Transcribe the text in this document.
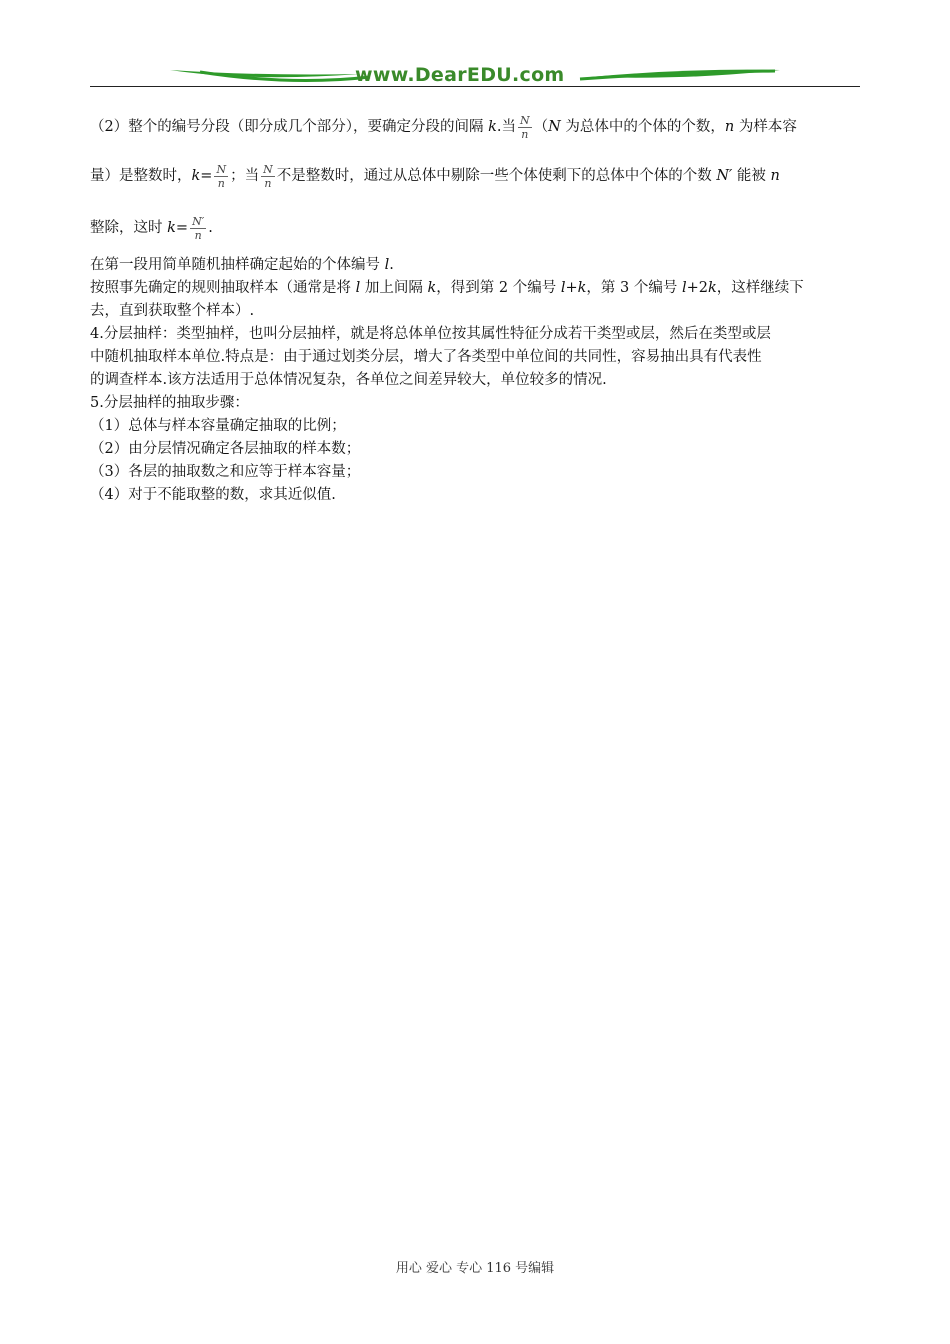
www.DearEDU.com
（2）整个的编号分段（即分成几个部分），要确定分段的间隔 k.当 $\frac{N}{n} (N$ 为总体中的个体的个数，n 为样本容
量）是整数时，$k= \frac{N}{n}$ ；当 $\frac{N}{n}$ 不是整数时，通过从总体中剔除一些个体使剩下的总体中个体的个数 N′ 能被 n
整除，这时 $k= \frac{N'}{n}$ .
在第一段用简单随机抽样确定起始的个体编号 l.
按照事先确定的规则抽取样本（通常是将 l 加上间隔 k，得到第 2 个编号 l+k，第 3 个编号 l+2k，这样继续下
去，直到获取整个样本）.
4.分层抽样：类型抽样，也叫分层抽样，就是将总体单位按其属性特征分成若干类型或层，然后在类型或层
中随机抽取样本单位.特点是：由于通过划类分层，增大了各类型中单位间的共同性，容易抽出具有代表性
的调查样本.该方法适用于总体情况复杂，各单位之间差异较大，单位较多的情况.
5.分层抽样的抽取步骤：
（1）总体与样本容量确定抽取的比例；
（2）由分层情况确定各层抽取的样本数；
（3）各层的抽取数之和应等于样本容量；
（4）对于不能取整的数，求其近似值.
用心 爱心 专心 116 号编辑
